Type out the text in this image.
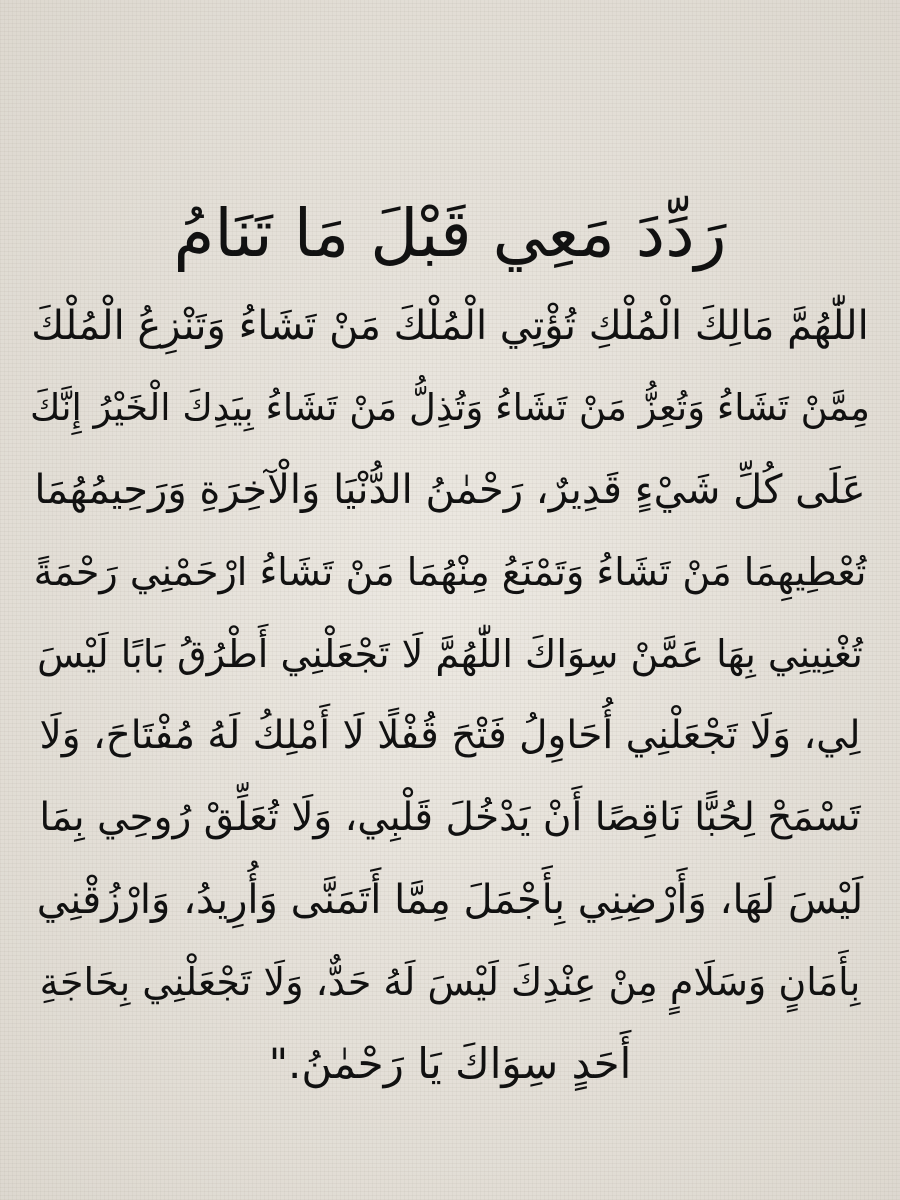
رَدِّدَ مَعِي قَبْلَ مَا تَنَامُ
اللّٰهُمَّ مَالِكَ الْمُلْكِ تُؤْتِي الْمُلْكَ مَنْ تَشَاءُ وَتَنْزِعُ الْمُلْكَ
مِمَّنْ تَشَاءُ وَتُعِزُّ مَنْ تَشَاءُ وَتُذِلُّ مَنْ تَشَاءُ بِيَدِكَ الْخَيْرُ إِنَّكَ
عَلَى كُلِّ شَيْءٍ قَدِيرٌ، رَحْمٰنُ الدُّنْيَا وَالْآخِرَةِ وَرَحِيمُهُمَا
تُعْطِيهِمَا مَنْ تَشَاءُ وَتَمْنَعُ مِنْهُمَا مَنْ تَشَاءُ ارْحَمْنِي رَحْمَةً
تُغْنِينِي بِهَا عَمَّنْ سِوَاكَ اللّٰهُمَّ لَا تَجْعَلْنِي أَطْرُقُ بَابًا لَيْسَ
لِي، وَلَا تَجْعَلْنِي أُحَاوِلُ فَتْحَ قُفْلًا لَا أَمْلِكُ لَهُ مُفْتَاحَ، وَلَا
تَسْمَحْ لِحُبًّا نَاقِصًا أَنْ يَدْخُلَ قَلْبِي، وَلَا تُعَلِّقْ رُوحِي بِمَا
لَيْسَ لَهَا، وَأَرْضِنِي بِأَجْمَلَ مِمَّا أَتَمَنَّى وَأُرِيدُ، وَارْزُقْنِي
بِأَمَانٍ وَسَلَامٍ مِنْ عِنْدِكَ لَيْسَ لَهُ حَدٌّ، وَلَا تَجْعَلْنِي بِحَاجَةِ
أَحَدٍ سِوَاكَ يَا رَحْمٰنُ."
